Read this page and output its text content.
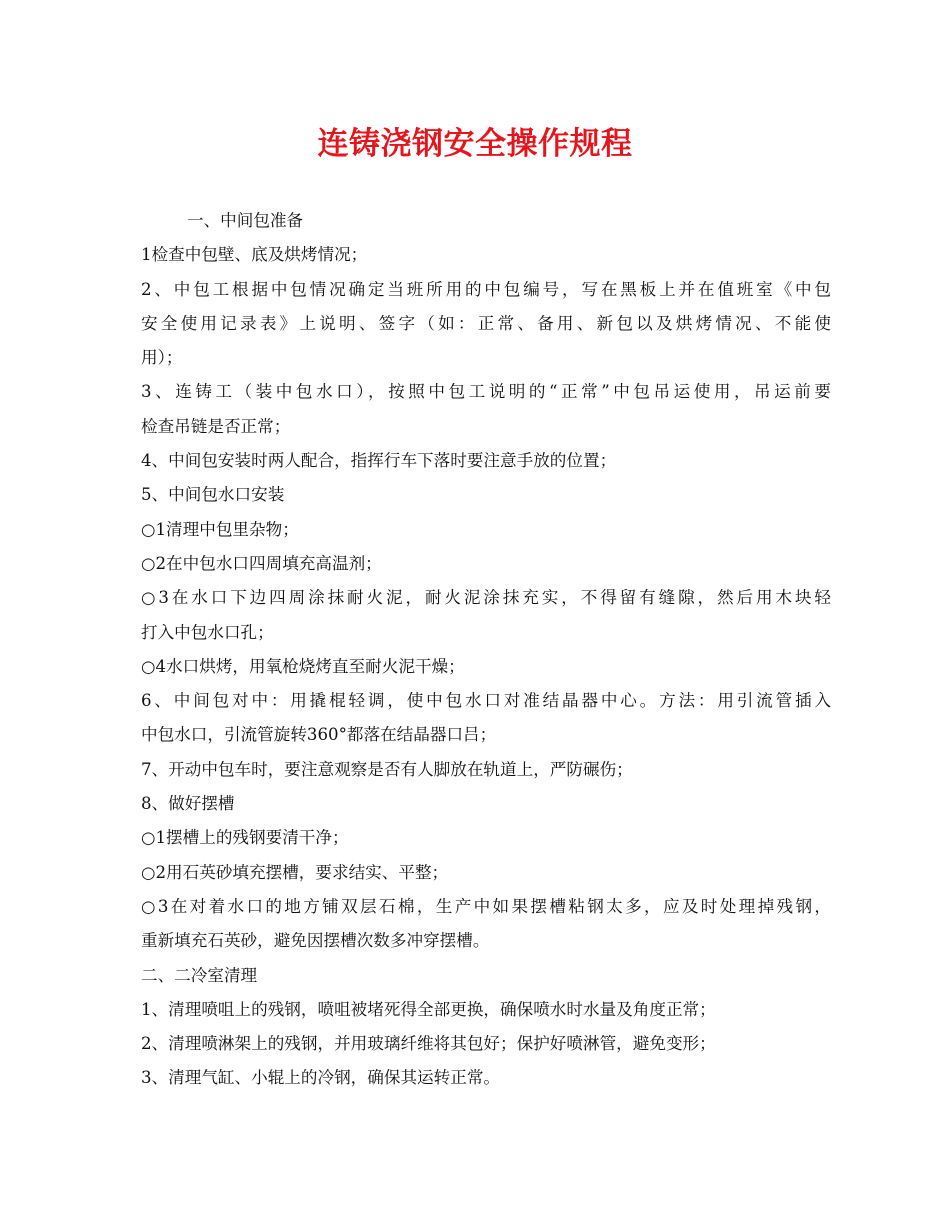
连铸浇钢安全操作规程

一、中间包准备

1检查中包壁、底及烘烤情况；

2、中包工根据中包情况确定当班所用的中包编号，写在黑板上并在值班室《中包

安全使用记录表》上说明、签字（如：正常、备用、新包以及烘烤情况、不能使

用）；

3、连铸工（装中包水口），按照中包工说明的“正常”中包吊运使用，吊运前要

检查吊链是否正常；

4、中间包安装时两人配合，指挥行车下落时要注意手放的位置；

5、中间包水口安装

○1清理中包里杂物；

○2在中包水口四周填充高温剂；

○3在水口下边四周涂抹耐火泥，耐火泥涂抹充实，不得留有缝隙，然后用木块轻

打入中包水口孔；

○4水口烘烤，用氧枪烧烤直至耐火泥干燥；

6、中间包对中：用撬棍轻调，使中包水口对准结晶器中心。方法：用引流管插入

中包水口，引流管旋转360°都落在结晶器口吕；

7、开动中包车时，要注意观察是否有人脚放在轨道上，严防碾伤；

8、做好摆槽

○1摆槽上的残钢要清干净；

○2用石英砂填充摆槽，要求结实、平整；

○3在对着水口的地方铺双层石棉，生产中如果摆槽粘钢太多，应及时处理掉残钢，

重新填充石英砂，避免因摆槽次数多冲穿摆槽。

二、二冷室清理

1、清理喷咀上的残钢，喷咀被堵死得全部更换，确保喷水时水量及角度正常；

2、清理喷淋架上的残钢，并用玻璃纤维将其包好；保护好喷淋管，避免变形；

3、清理气缸、小辊上的冷钢，确保其运转正常。
